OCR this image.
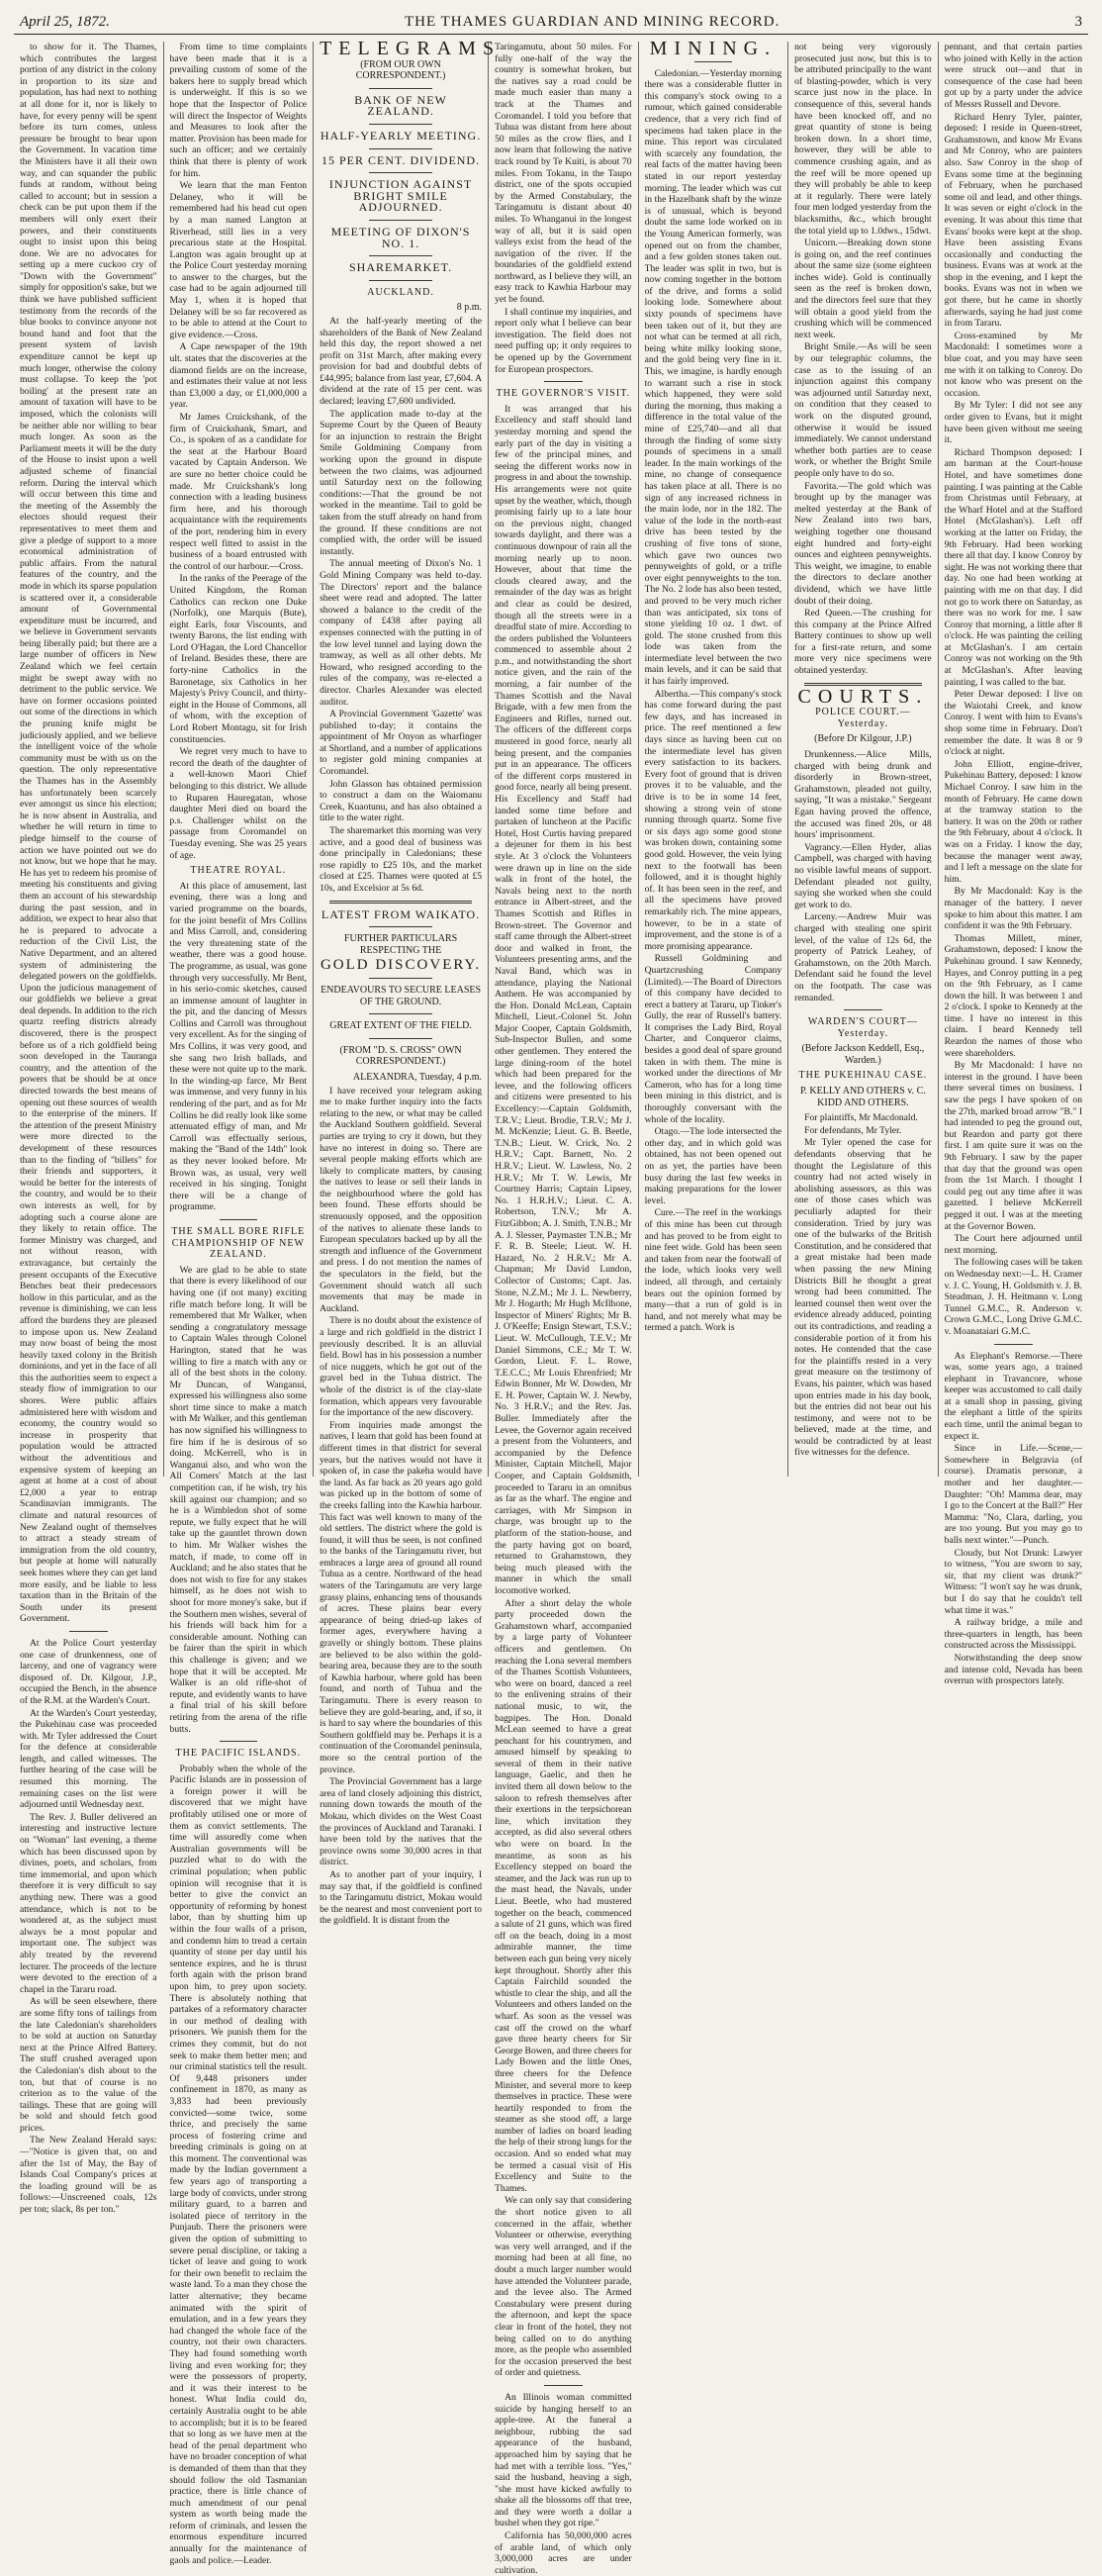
April 25, 1872.	THE THAMES GUARDIAN AND MINING RECORD.	3

to show for it. The Thames, which contributes the largest portion of any district in the colony in proportion to its size and population, has had next to nothing at all done for it, nor is likely to have, for every penny will be spent before its turn comes, unless pressure be brought to bear upon the Government. In vacation time the Ministers have it all their own way, and can squander the public funds at random, without being called to account; but in session a check can be put upon them if the members will only exert their powers, and their constituents ought to insist upon this being done. We are no advocates for setting up a mere cuckoo cry of "Down with the Government" simply for opposition's sake, but we think we have published sufficient testimony from the records of the blue books to convince anyone not bound hand and foot that the present system of lavish expenditure cannot be kept up much longer, otherwise the colony must collapse. To keep the 'pot boiling' at the present rate an amount of taxation will have to be imposed, which the colonists will be neither able nor willing to bear much longer. As soon as the Parliament meets it will be the duty of the House to insist upon a well adjusted scheme of financial reform. During the interval which will occur between this time and the meeting of the Assembly the electors should request their representatives to meet them and give a pledge of support to a more economical administration of public affairs. From the natural features of the country, and the mode in which its sparse population is scattered over it, a considerable amount of Governmental expenditure must be incurred, and we believe in Government servants being liberally paid; but there are a large number of officers in New Zealand which we feel certain might be swept away with no detriment to the public service. We have on former occasions pointed out some of the directions in which the pruning knife might be judiciously applied, and we believe the intelligent voice of the whole community must be with us on the question. The only representative the Thames has in the Assembly has unfortunately been scarcely ever amongst us since his election; he is now absent in Australia, and whether he will return in time to pledge himself to the course of action we have pointed out we do not know, but we hope that he may. He has yet to redeem his promise of meeting his constituents and giving them an account of his stewardship during the past session, and in addition, we expect to hear also that he is prepared to advocate a reduction of the Civil List, the Native Department, and an altered system of administering the delegated powers on the goldfields. Upon the judicious management of our goldfields we believe a great deal depends. In addition to the rich quartz reefing districts already discovered, there is the prospect before us of a rich goldfield being soon developed in the Tauranga country, and the attention of the powers that be should be at once directed towards the best means of opening out these sources of wealth to the enterprise of the miners. If the attention of the present Ministry were more directed to the development of these resources than to the finding of "billets" for their friends and supporters, it would be better for the interests of the country, and would be to their own interests as well, for by adopting such a course alone are they likely to retain office. The former Ministry was charged, and not without reason, with extravagance, but certainly the present occupants of the Executive Benches beat their predecessors hollow in this particular, and as the revenue is diminishing, we can less afford the burdens they are pleased to impose upon us. New Zealand may now boast of being the most heavily taxed colony in the British dominions, and yet in the face of all this the authorities seem to expect a steady flow of immigration to our shores. Were public affairs administered here with wisdom and economy, the country would so increase in prosperity that population would be attracted without the adventitious and expensive system of keeping an agent at home at a cost of about £2,000 a year to entrap Scandinavian immigrants. The climate and natural resources of New Zealand ought of themselves to attract a steady stream of immigration from the old country, but people at home will naturally seek homes where they can get land more easily, and be liable to less taxation than in the Britain of the South under its present Government.

At the Police Court yesterday one case of drunkenness, one of larceny, and one of vagrancy were disposed of. Dr. Kilgour, J.P., occupied the Bench, in the absence of the R.M. at the Warden's Court.

At the Warden's Court yesterday, the Pukehinau case was proceeded with. Mr Tyler addressed the Court for the defence at considerable length, and called witnesses. The further hearing of the case will be resumed this morning. The remaining cases on the list were adjourned until Wednesday next.

The Rev. J. Buller delivered an interesting and instructive lecture on "Woman" last evening, a theme which has been discussed upon by divines, poets, and scholars, from time immemorial, and upon which therefore it is very difficult to say anything new. There was a good attendance, which is not to be wondered at, as the subject must always be a most popular and important one. The subject was ably treated by the reverend lecturer. The proceeds of the lecture were devoted to the erection of a chapel in the Tararu road.

As will be seen elsewhere, there are some fifty tons of tailings from the late Caledonian's shareholders to be sold at auction on Saturday next at the Prince Alfred Battery. The stuff crushed averaged upon the Caledonian's dish about to the ton, but that of course is no criterion as to the value of the tailings. These that are going will be sold and should fetch good prices.

The New Zealand Herald says:—"Notice is given that, on and after the 1st of May, the Bay of Islands Coal Company's prices at the loading ground will be as follows:—Unscreened coals, 12s per ton; slack, 8s per ton."

From time to time complaints have been made that it is a prevailing custom of some of the bakers here to supply bread which is underweight. If this is so we hope that the Inspector of Police will direct the Inspector of Weights and Measures to look after the matter. Provision has been made for such an officer; and we certainly think that there is plenty of work for him.

We learn that the man Fenton Delaney, who it will be remembered had his head cut open by a man named Langton at Riverhead, still lies in a very precarious state at the Hospital. Langton was again brought up at the Police Court yesterday morning to answer to the charges, but the case had to be again adjourned till May 1, when it is hoped that Delaney will be so far recovered as to be able to attend at the Court to give evidence.—Cross.

A Cape newspaper of the 19th ult. states that the discoveries at the diamond fields are on the increase, and estimates their value at not less than £3,000 a day, or £1,000,000 a year.

Mr James Cruickshank, of the firm of Cruickshank, Smart, and Co., is spoken of as a candidate for the seat at the Harbour Board vacated by Captain Anderson. We are sure no better choice could be made. Mr Cruickshank's long connection with a leading business firm here, and his thorough acquaintance with the requirements of the port, rendering him in every respect well fitted to assist in the business of a board entrusted with the control of our harbour.—Cross.

In the ranks of the Peerage of the United Kingdom, the Roman Catholics can reckon one Duke (Norfolk), one Marquis (Bute), eight Earls, four Viscounts, and twenty Barons, the list ending with Lord O'Hagan, the Lord Chancellor of Ireland. Besides these, there are forty-nine Catholics in the Baronetage, six Catholics in her Majesty's Privy Council, and thirty-eight in the House of Commons, all of whom, with the exception of Lord Robert Montagu, sit for Irish constituencies.

We regret very much to have to record the death of the daughter of a well-known Maori Chief belonging to this district. We allude to Ruparen Hauregatan, whose daughter Meri died on board the p.s. Challenger whilst on the passage from Coromandel on Tuesday evening. She was 25 years of age.

THEATRE ROYAL.

At this place of amusement, last evening, there was a long and varied programme on the boards, for the joint benefit of Mrs Collins and Miss Carroll, and, considering the very threatening state of the weather, there was a good house. The programme, as usual, was gone through very successfully. Mr Bent, in his serio-comic sketches, caused an immense amount of laughter in the pit, and the dancing of Messrs Collins and Carroll was throughout very excellent. As for the singing of Mrs Collins, it was very good, and she sang two Irish ballads, and these were not quite up to the mark. In the winding-up farce, Mr Bent was immense, and very funny in his rendering of the part, and as for Mr Collins he did really look like some attenuated effigy of man, and Mr Carroll was effectually serious, making the "Band of the 14th" look as they never looked before. Mr Brown was, as usual, very well received in his singing. Tonight there will be a change of programme.

THE SMALL BORE RIFLE CHAMPIONSHIP OF NEW ZEALAND.

We are glad to be able to state that there is every likelihood of our having one (if not many) exciting rifle match before long. It will be remembered that Mr Walker, when sending a congratulatory message to Captain Wales through Colonel Harington, stated that he was willing to fire a match with any or all of the best shots in the colony. Mr Duncan, of Wanganui, expressed his willingness also some short time since to make a match with Mr Walker, and this gentleman has now signified his willingness to fire him if he is desirous of so doing. McKerrell, who is in Wanganui also, and who won the All Comers' Match at the last competition can, if he wish, try his skill against our champion; and so he is a Wimbledon shot of some repute, we fully expect that he will take up the gauntlet thrown down to him. Mr Walker wishes the match, if made, to come off in Auckland; and he also states that he does not wish to fire for any stakes himself, as he does not wish to shoot for more money's sake, but if the Southern men wishes, several of his friends will back him for a considerable amount. Nothing can be fairer than the spirit in which this challenge is given; and we hope that it will be accepted. Mr Walker is an old rifle-shot of repute, and evidently wants to have a final trial of his skill before retiring from the arena of the rifle butts.

THE PACIFIC ISLANDS.

Probably when the whole of the Pacific Islands are in possession of a foreign power it will be discovered that we might have profitably utilised one or more of them as convict settlements. The time will assuredly come when Australian governments will be puzzled what to do with the criminal population; when public opinion will recognise that it is better to give the convict an opportunity of reforming by honest labor, than by shutting him up within the four walls of a prison, and condemn him to tread a certain quantity of stone per day until his sentence expires, and he is thrust forth again with the prison brand upon him, to prey upon society. There is absolutely nothing that partakes of a reformatory character in our method of dealing with prisoners. We punish them for the crimes they commit, but do not seek to make them better men; and our criminal statistics tell the result. Of 9,448 prisoners under confinement in 1870, as many as 3,833 had been previously convicted—some twice, some thrice, and precisely the same process of fostering crime and breeding criminals is going on at this moment. The conventional was made by the Indian government a few years ago of transporting a large body of convicts, under strong military guard, to a barren and isolated piece of territory in the Punjaub. There the prisoners were given the option of submitting to severe penal discipline, or taking a ticket of leave and going to work for their own benefit to reclaim the waste land. To a man they chose the latter alternative; they became animated with the spirit of emulation, and in a few years they had changed the whole face of the country, not their own characters. They had found something worth living and even working for; they were the possessors of property, and it was their interest to be honest. What India could do, certainly Australia ought to be able to accomplish; but it is to be feared that so long as we have men at the head of the penal department who have no broader conception of what is demanded of them than that they should follow the old Tasmanian practice, there is little chance of much amendment of our penal system as worth being made the reform of criminals, and lessen the enormous expenditure incurred annually for the maintenance of gaols and police.—Leader.

TELEGRAMS
(FROM OUR OWN CORRESPONDENT.)
BANK OF NEW ZEALAND.
HALF-YEARLY MEETING.
15 PER CENT. DIVIDEND.
INJUNCTION AGAINST BRIGHT SMILE ADJOURNED.
MEETING OF DIXON'S NO. 1.
SHAREMARKET.
AUCKLAND.
8 p.m.

At the half-yearly meeting of the shareholders of the Bank of New Zealand held this day, the report showed a net profit on 31st March, after making every provision for bad and doubtful debts of £44,995; balance from last year, £7,604. A dividend at the rate of 15 per cent. was declared; leaving £7,600 undivided.

The application made to-day at the Supreme Court by the Queen of Beauty for an injunction to restrain the Bright Smile Goldmining Company from working upon the ground in dispute between the two claims, was adjourned until Saturday next on the following conditions:—That the ground be not worked in the meantime. Tail to gold be taken from the stuff already on hand from the ground. If these conditions are not complied with, the order will be issued instantly.

The annual meeting of Dixon's No. 1 Gold Mining Company was held to-day. The Directors' report and the balance sheet were read and adopted. The latter showed a balance to the credit of the company of £438 after paying all expenses connected with the putting in of the low level tunnel and laying down the tramway, as well as all other debts. Mr Howard, who resigned according to the rules of the company, was re-elected a director. Charles Alexander was elected auditor.

A Provincial Government 'Gazette' was published to-day; it contains the appointment of Mr Onyon as wharfinger at Shortland, and a number of applications to register gold mining companies at Coromandel.

John Glasson has obtained permission to construct a dam on the Waiomanu Creek, Kuaotunu, and has also obtained a title to the water right.

The sharemarket this morning was very active, and a good deal of business was done principally in Caledonians; these rose rapidly to £25 10s, and the market closed at £25. Thames were quoted at £5 10s, and Excelsior at 5s 6d.

LATEST FROM WAIKATO.
FURTHER PARTICULARS RESPECTING THE
GOLD DISCOVERY.
ENDEAVOURS TO SECURE LEASES OF THE GROUND.
GREAT EXTENT OF THE FIELD.
(FROM "D. S. CROSS" OWN CORRESPONDENT.)
ALEXANDRA, Tuesday, 4 p.m.

I have received your telegram asking me to make further inquiry into the facts relating to the new, or what may be called the Auckland Southern goldfield. Several parties are trying to cry it down, but they have no interest in doing so. There are several people making efforts which are likely to complicate matters, by causing the natives to lease or sell their lands in the neighbourhood where the gold has been found. These efforts should be strenuously opposed, and the opposition of the natives to alienate these lands to European speculators backed up by all the strength and influence of the Government and press. I do not mention the names of the speculators in the field, but the Government should watch all such movements that may be made in Auckland.

There is no doubt about the existence of a large and rich goldfield in the district I previously described. It is an alluvial field. Bowl has in his possession a number of nice nuggets, which he got out of the gravel bed in the Tuhua district. The whole of the district is of the clay-slate formation, which appears very favourable for the importance of the new discovery.

From inquiries made amongst the natives, I learn that gold has been found at different times in that district for several years, but the natives would not have it spoken of, in case the pakeha would have the land. As far back as 20 years ago gold was picked up in the bottom of some of the creeks falling into the Kawhia harbour. This fact was well known to many of the old settlers. The district where the gold is found, it will thus be seen, is not confined to the banks of the Taringamutu river, but embraces a large area of ground all round Tuhua as a centre. Northward of the head waters of the Taringamutu are very large grassy plains, enhancing tens of thousands of acres. These plains bear every appearance of being dried-up lakes of former ages, everywhere having a gravelly or shingly bottom. These plains are believed to be also within the gold-bearing area, because they are to the south of Kawhia harbour, where gold has been found, and north of Tuhua and the Taringamutu. There is every reason to believe they are gold-bearing, and, if so, it is hard to say where the boundaries of this Southern goldfield may be. Perhaps it is a continuation of the Coromandel peninsula, more so the central portion of the province.

The Provincial Government has a large area of land closely adjoining this district, running down towards the mouth of the Mokau, which divides on the West Coast the provinces of Auckland and Taranaki. I have been told by the natives that the province owns some 30,000 acres in that district.

As to another part of your inquiry, I may say that, if the goldfield is confined to the Taringamutu district, Mokau would be the nearest and most convenient port to the goldfield. It is distant from the

Taringamutu, about 50 miles. For fully one-half of the way the country is somewhat broken, but the natives say a road could be made much easier than many a track at the Thames and Coromandel. I told you before that Tuhua was distant from here about 50 miles as the crow flies, and I now learn that following the native track round by Te Kuiti, is about 70 miles. From Tokanu, in the Taupo district, one of the spots occupied by the Armed Constabulary, the Taringamutu is distant about 40 miles. To Whanganui in the longest way of all, but it is said open valleys exist from the head of the navigation of the river. If the boundaries of the goldfield extend northward, as I believe they will, an easy track to Kawhia Harbour may yet be found.

I shall continue my inquiries, and report only what I believe can bear investigation. The field does not need puffing up; it only requires to be opened up by the Government for European prospectors.

THE GOVERNOR'S VISIT.

It was arranged that his Excellency and staff should land yesterday morning and spend the early part of the day in visiting a few of the principal mines, and seeing the different works now in progress in and about the township. His arrangements were not quite upset by the weather, which, though promising fairly up to a late hour on the previous night, changed towards daylight, and there was a continuous downpour of rain all the morning nearly up to noon. However, about that time the clouds cleared away, and the remainder of the day was as bright and clear as could be desired, though all the streets were in a dreadful state of mire. According to the orders published the Volunteers commenced to assemble about 2 p.m., and notwithstanding the short notice given, and the rain of the morning, a fair number of the Thames Scottish and the Naval Brigade, with a few men from the Engineers and Rifles, turned out. The officers of the different corps mustered in good force, nearly all being present, and the companies put in an appearance. The officers of the different corps mustered in good force, nearly all being present. His Excellency and Staff had landed some time before and partaken of luncheon at the Pacific Hotel, Host Curtis having prepared a dejeuner for them in his best style. At 3 o'clock the Volunteers were drawn up in line on the side walk in front of the hotel, the Navals being next to the north entrance in Albert-street, and the Thames Scottish and Rifles in Brown-street. The Governor and staff came through the Albert-street door and walked in front, the Volunteers presenting arms, and the Naval Band, which was in attendance, playing the National Anthem. He was accompanied by the Hon. Donald McLean, Captain Mitchell, Lieut.-Colonel St. John Major Cooper, Captain Goldsmith, Sub-Inspector Bullen, and some other gentlemen. They entered the large dining-room of the hotel which had been prepared for the levee, and the following officers and citizens were presented to his Excellency:—Captain Goldsmith, T.R.V.; Lieut. Brodie, T.R.V.; Mr J. M. McKenzie; Lieut. G. B. Beetle, T.N.B.; Lieut. W. Crick, No. 2 H.R.V.; Capt. Barnett, No. 2 H.R.V.; Lieut. W. Lawless, No. 2 H.R.V.; Mr T. W. Lewis, Mr Courtney Harris; Captain Lipsey, No. 1 H.R.H.V.; Lieut. C. A. Robertson, T.N.V.; Mr A. FitzGibbon; A. J. Smith, T.N.B.; Mr A. J. Slesser, Paymaster T.N.B.; Mr F. R. B. Steele; Lieut. W. H. Hazard, No. 2 H.R.V.; Mr A. Chapman; Mr David Lundon, Collector of Customs; Capt. Jas. Stone, N.Z.M.; Mr J. L. Newberry, Mr J. Hogarth; Mr Hugh McIlhone, Inspector of Miners' Rights; Mr B. J. O'Keeffe; Ensign Stewart, T.S.V.; Lieut. W. McCullough, T.E.V.; Mr Daniel Simmons, C.E.; Mr T. W. Gordon, Lieut. F. L. Rowe, T.E.C.C.; Mr Louis Ehrenfried; Mr Edwin Bonner, Mr W. Dowden, Mr E. H. Power, Captain W. J. Newby, No. 3 H.R.V.; and the Rev. Jas. Buller. Immediately after the Levee, the Governor again received a present from the Volunteers, and accompanied by the Defence Minister, Captain Mitchell, Major Cooper, and Captain Goldsmith, proceeded to Tararu in an omnibus as far as the wharf. The engine and carriages, with Mr Simpson in charge, was brought up to the platform of the station-house, and the party having got on board, returned to Grahamstown, they being much pleased with the manner in which the small locomotive worked.

After a short delay the whole party proceeded down the Grahamstown wharf, accompanied by a large party of Volunteer officers and gentlemen. On reaching the Lona several members of the Thames Scottish Volunteers, who were on board, danced a reel to the enlivening strains of their national music, to wit, the bagpipes. The Hon. Donald McLean seemed to have a great penchant for his countrymen, and amused himself by speaking to several of them in their native language, Gaelic, and then he invited them all down below to the saloon to refresh themselves after their exertions in the terpsichorean line, which invitation they accepted, as did also several others who were on board. In the meantime, as soon as his Excellency stepped on board the steamer, and the Jack was run up to the mast head, the Navals, under Lieut. Beetle, who had mustered together on the beach, commenced a salute of 21 guns, which was fired off on the beach, doing in a most admirable manner, the time between each gun being very nicely kept throughout. Shortly after this Captain Fairchild sounded the whistle to clear the ship, and all the Volunteers and others landed on the wharf. As soon as the vessel was cast off the crowd on the wharf gave three hearty cheers for Sir George Bowen, and three cheers for Lady Bowen and the little Ones, three cheers for the Defence Minister, and several more to keep themselves in practice. These were heartily responded to from the steamer as she stood off, a large number of ladies on board leading the help of their strong lungs for the occasion. And so ended what may be termed a casual visit of His Excellency and Suite to the Thames.

We can only say that considering the short notice given to all concerned in the affair, whether Volunteer or otherwise, everything was very well arranged, and if the morning had been at all fine, no doubt a much larger number would have attended the Volunteer parade, and the levee also. The Armed Constabulary were present during the afternoon, and kept the space clear in front of the hotel, they not being called on to do anything more, as the people who assembled for the occasion preserved the best of order and quietness.

An Illinois woman committed suicide by hanging herself to an apple-tree. At the funeral a neighbour, rubbing the sad appearance of the husband, approached him by saying that he had met with a terrible loss. "Yes," said the husband, heaving a sigh, "she must have kicked awfully to shake all the blossoms off that tree, and they were worth a dollar a bushel when they got ripe."

California has 50,000,000 acres of arable land, of which only 3,000,000 acres are under cultivation.

MINING.

Caledonian.—Yesterday morning there was a considerable flutter in this company's stock owing to a rumour, which gained considerable credence, that a very rich find of specimens had taken place in the mine. This report was circulated with scarcely any foundation, the real facts of the matter having been stated in our report yesterday morning. The leader which was cut in the Hazelbank shaft by the winze is of unusual, which is beyond doubt the same lode worked on in the Young American formerly, was opened out on from the chamber, and a few golden stones taken out. The leader was split in two, but is now coming together in the bottom of the drive, and forms a solid looking lode. Somewhere about sixty pounds of specimens have been taken out of it, but they are not what can be termed at all rich, being white milky looking stone, and the gold being very fine in it. This, we imagine, is hardly enough to warrant such a rise in stock which happened, they were sold during the morning, thus making a difference in the total value of the mine of £25,740—and all that through the finding of some sixty pounds of specimens in a small leader. In the main workings of the mine, no change of consequence has taken place at all. There is no sign of any increased richness in the main lode, nor in the 182. The value of the lode in the north-east drive has been tested by the crushing of five tons of stone, which gave two ounces two pennyweights of gold, or a trifle over eight pennyweights to the ton. The No. 2 lode has also been tested, and proved to be very much richer than was anticipated, six tons of stone yielding 10 oz. 1 dwt. of gold. The stone crushed from this lode was taken from the intermediate level between the two main levels, and it can be said that it has fairly improved.

Albertha.—This company's stock has come forward during the past few days, and has increased in price. The reef mentioned a few days since as having been cut on the intermediate level has given every satisfaction to its backers. Every foot of ground that is driven proves it to be valuable, and the drive is to be in some 14 feet, showing a strong vein of stone running through quartz. Some five or six days ago some good stone was broken down, containing some good gold. However, the vein lying next to the footwall has been followed, and it is thought highly of. It has been seen in the reef, and all the specimens have proved remarkably rich. The mine appears, however, to be in a state of improvement, and the stone is of a more promising appearance.

Russell Goldmining and Quartzcrushing Company (Limited).—The Board of Directors of this company have decided to erect a battery at Tararu, up Tinker's Gully, the rear of Russell's battery. It comprises the Lady Bird, Royal Charter, and Conqueror claims, besides a good deal of spare ground taken in with them. The mine is worked under the directions of Mr Cameron, who has for a long time been mining in this district, and is thoroughly conversant with the whole of the locality.

Otago.—The lode intersected the other day, and in which gold was obtained, has not been opened out on as yet, the parties have been busy during the last few weeks in making preparations for the lower level.

Cure.—The reef in the workings of this mine has been cut through and has proved to be from eight to nine feet wide. Gold has been seen and taken from near the footwall of the lode, which looks very well indeed, all through, and certainly bears out the opinion formed by many—that a run of gold is in hand, and not merely what may be termed a patch. Work is

not being very vigorously prosecuted just now, but this is to be attributed principally to the want of blasting-powder, which is very scarce just now in the place. In consequence of this, several hands have been knocked off, and no great quantity of stone is being broken down. In a short time, however, they will be able to commence crushing again, and as the reef will be more opened up they will probably be able to keep at it regularly. There were lately four men lodged yesterday from the blacksmiths, &c., which brought the total yield up to 1.0dws., 15dwt.

Unicorn.—Breaking down stone is going on, and the reef continues about the same size (some eighteen inches wide). Gold is continually seen as the reef is broken down, and the directors feel sure that they will obtain a good yield from the crushing which will be commenced next week.

Bright Smile.—As will be seen by our telegraphic columns, the case as to the issuing of an injunction against this company was adjourned until Saturday next, on condition that they ceased to work on the disputed ground, otherwise it would be issued immediately. We cannot understand whether both parties are to cease work, or whether the Bright Smile people only have to do so.

Favorita.—The gold which was brought up by the manager was melted yesterday at the Bank of New Zealand into two bars, weighing together one thousand eight hundred and forty-eight ounces and eighteen pennyweights. This weight, we imagine, to enable the directors to declare another dividend, which we have little doubt of their doing.

Red Queen.—The crushing for this company at the Prince Alfred Battery continues to show up well for a first-rate return, and some more very nice specimens were obtained yesterday.

COURTS.
POLICE COURT.—Yesterday.
(Before Dr Kilgour, J.P.)

Drunkenness.—Alice Mills, charged with being drunk and disorderly in Brown-street, Grahamstown, pleaded not guilty, saying, "It was a mistake." Sergeant Egan having proved the offence, the accused was fined 20s, or 48 hours' imprisonment.

Vagrancy.—Ellen Hyder, alias Campbell, was charged with having no visible lawful means of support. Defendant pleaded not guilty, saying she worked when she could get work to do.

Larceny.—Andrew Muir was charged with stealing one spirit level, of the value of 12s 6d, the property of Patrick Leahey, of Grahamstown, on the 20th March. Defendant said he found the level on the footpath. The case was remanded.

WARDEN'S COURT—Yesterday.
(Before Jackson Keddell, Esq., Warden.)
THE PUKEHINAU CASE.
P. KELLY AND OTHERS v. C. KIDD AND OTHERS.

For plaintiffs, Mr Macdonald.

For defendants, Mr Tyler.

Mr Tyler opened the case for defendants observing that he thought the Legislature of this country had not acted wisely in abolishing assessors, as this was one of those cases which was peculiarly adapted for their consideration. Tried by jury was one of the bulwarks of the British Constitution, and he considered that a great mistake had been made when passing the new Mining Districts Bill he thought a great wrong had been committed. The learned counsel then went over the evidence already adduced, pointing out its contradictions, and reading a considerable portion of it from his notes. He contended that the case for the plaintiffs rested in a very great measure on the testimony of Evans, his painter, which was based upon entries made in his day book, but the entries did not bear out his testimony, and were not to be believed, made at the time, and would be contradicted by at least five witnesses for the defence.

pennant, and that certain parties who joined with Kelly in the action were struck out—and that in consequence of the case had been got up by a party under the advice of Messrs Russell and Devore.

Richard Henry Tyler, painter, deposed: I reside in Queen-street, Grahamstown, and know Mr Evans and Mr Conroy, who are painters also. Saw Conroy in the shop of Evans some time at the beginning of February, when he purchased some oil and lead, and other things. It was seven or eight o'clock in the evening. It was about this time that Evans' books were kept at the shop. Have been assisting Evans occasionally and conducting the business. Evans was at work at the shop in the evening, and I kept the books. Evans was not in when we got there, but he came in shortly afterwards, saying he had just come in from Tararu.

Cross-examined by Mr Macdonald: I sometimes wore a blue coat, and you may have seen me with it on talking to Conroy. Do not know who was present on the occasion.

By Mr Tyler: I did not see any order given to Evans, but it might have been given without me seeing it.

Richard Thompson deposed: I am barman at the Court-house Hotel, and have sometimes done painting. I was painting at the Cable from Christmas until February, at the Wharf Hotel and at the Stafford Hotel (McGlashan's). Left off working at the latter on Friday, the 9th February. Had been working there all that day. I know Conroy by sight. He was not working there that day. No one had been working at painting with me on that day. I did not go to work there on Saturday, as there was no work for me. I saw Conroy that morning, a little after 8 o'clock. He was painting the ceiling at McGlashan's. I am certain Conroy was not working on the 9th at McGlashan's. After leaving painting, I was called to the bar.

Peter Dewar deposed: I live on the Waiotahi Creek, and know Conroy. I went with him to Evans's shop some time in February. Don't remember the date. It was 8 or 9 o'clock at night.

John Elliott, engine-driver, Pukehinau Battery, deposed: I know Michael Conroy. I saw him in the month of February. He came down at the tramway station to the battery. It was on the 20th or rather the 9th February, about 4 o'clock. It was on a Friday. I know the day, because the manager went away, and I left a message on the slate for him.

By Mr Macdonald: Kay is the manager of the battery. I never spoke to him about this matter. I am confident it was the 9th February.

Thomas Millett, miner, Grahamstown, deposed: I know the Pukehinau ground. I saw Kennedy, Hayes, and Conroy putting in a peg on the 9th February, as I came down the hill. It was between 1 and 2 o'clock. I spoke to Kennedy at the time. I have no interest in this claim. I heard Kennedy tell Reardon the names of those who were shareholders.

By Mr Macdonald: I have no interest in the ground. I have been there several times on business. I saw the pegs I have spoken of on the 27th, marked broad arrow "B." I had intended to peg the ground out, but Reardon and party got there first. I am quite sure it was on the 9th February. I saw by the paper that day that the ground was open from the 1st March. I thought I could peg out any time after it was gazetted. I believe McKerrell pegged it out. I was at the meeting at the Governor Bowen.

The Court here adjourned until next morning.

The following cases will be taken on Wednesday next:—L. H. Cramer v. J. C. Young, H. Goldsmith v. J. B. Steadman, J. H. Heitmann v. Long Tunnel G.M.C., R. Anderson v. Crown G.M.C., Long Drive G.M.C. v. Moanataiari G.M.C.

As Elephant's Remorse.—There was, some years ago, a trained elephant in Travancore, whose keeper was accustomed to call daily at a small shop in passing, giving the elephant a little of the spirits each time, until the animal began to expect it.

Since in Life.—Scene,—Somewhere in Belgravia (of course). Dramatis personæ, a mother and her daughter.—Daughter: "Oh! Mamma dear, may I go to the Concert at the Ball?" Her Mamma: "No, Clara, darling, you are too young. But you may go to balls next winter."—Punch.

Cloudy, but Not Drunk: Lawyer to witness, "You are sworn to say, sir, that my client was drunk?" Witness: "I won't say he was drunk, but I do say that he couldn't tell what time it was."

A railway bridge, a mile and three-quarters in length, has been constructed across the Mississippi.

Notwithstanding the deep snow and intense cold, Nevada has been overrun with prospectors lately.
